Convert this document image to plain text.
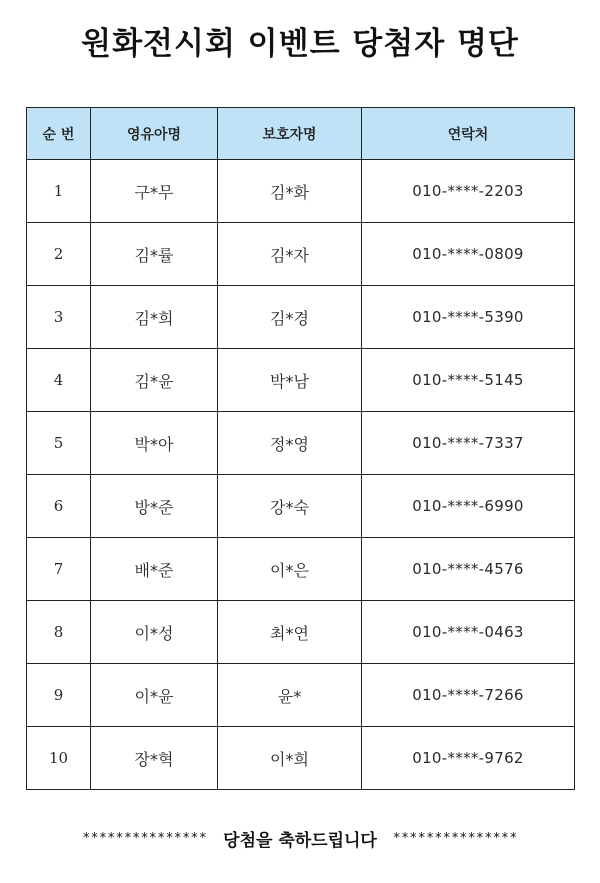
원화전시회 이벤트 당첨자 명단
순 번	영유아명	보호자명	연락처
1	구*무	김*화	010-****-2203
2	김*률	김*자	010-****-0809
3	김*희	김*경	010-****-5390
4	김*윤	박*남	010-****-5145
5	박*아	정*영	010-****-7337
6	방*준	강*숙	010-****-6990
7	배*준	이*은	010-****-4576
8	이*성	최*연	010-****-0463
9	이*윤	윤*	010-****-7266
10	장*혁	이*희	010-****-9762
*************** 당첨을 축하드립니다 ***************
